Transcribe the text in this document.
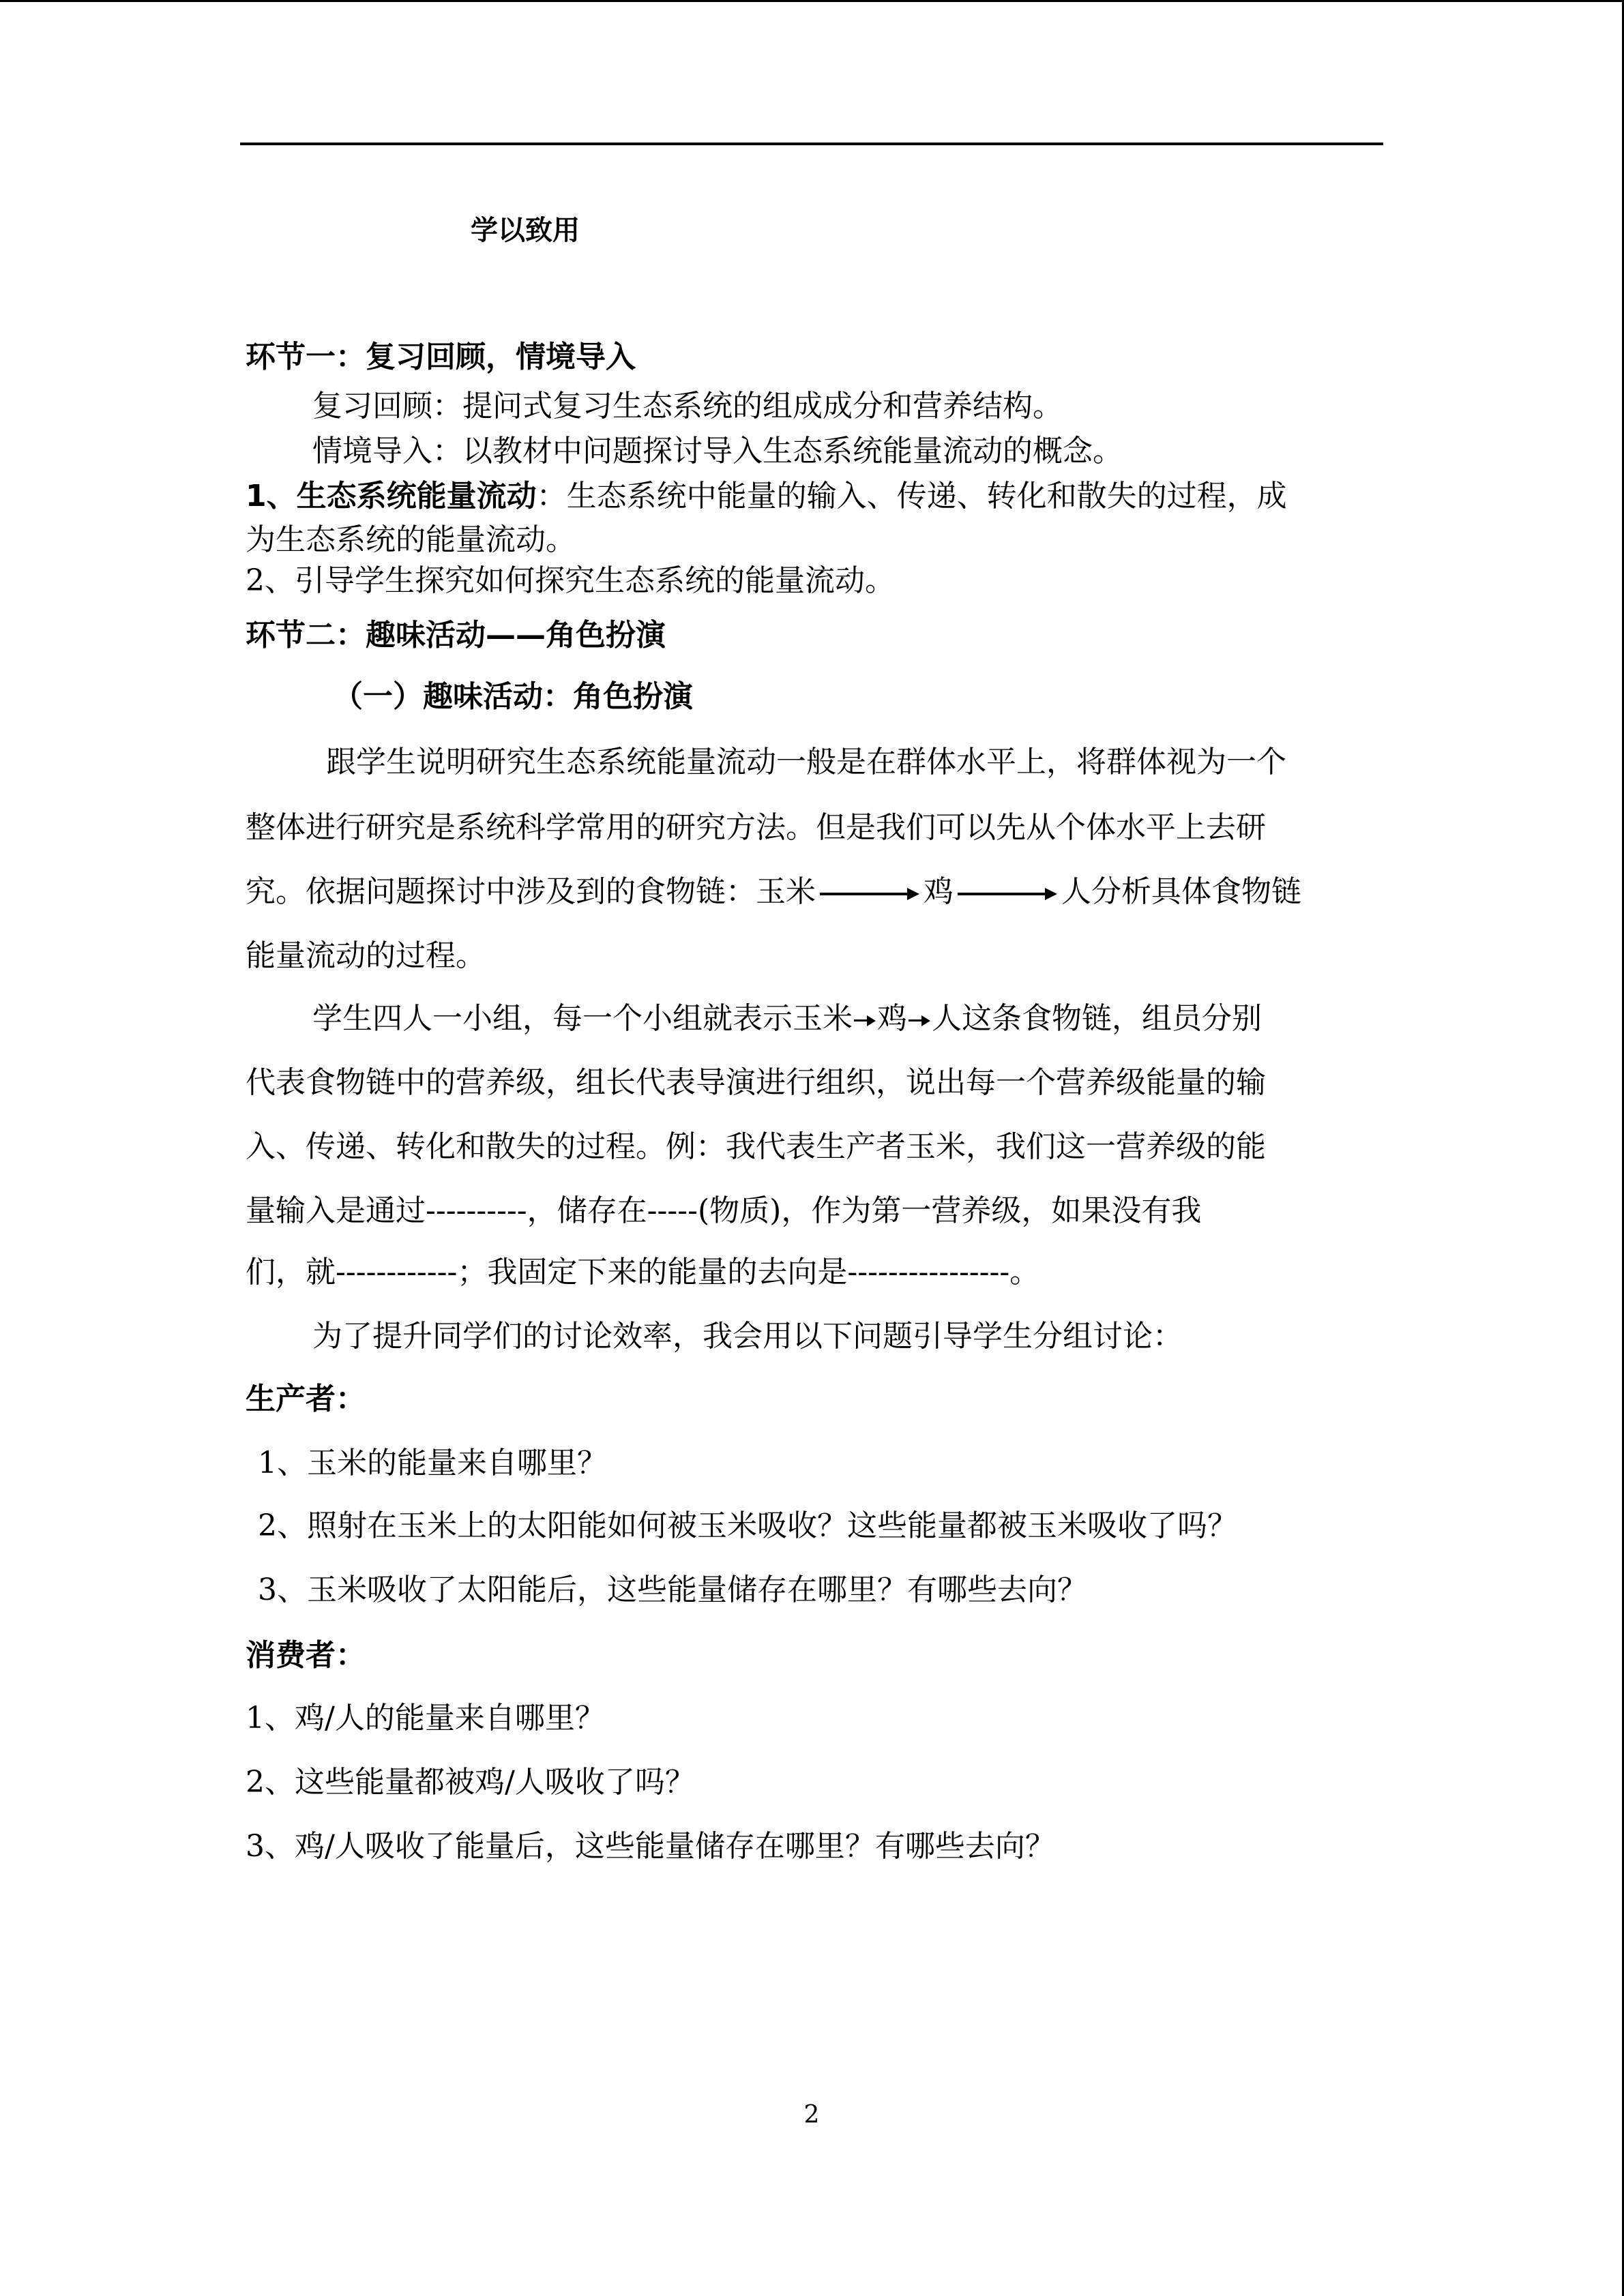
学以致用
环节一：复习回顾，情境导入
复习回顾：提问式复习生态系统的组成成分和营养结构。
情境导入：以教材中问题探讨导入生态系统能量流动的概念。
1、生态系统能量流动：生态系统中能量的输入、传递、转化和散失的过程，成
为生态系统的能量流动。
2、引导学生探究如何探究生态系统的能量流动。
环节二：趣味活动——角色扮演
（一）趣味活动：角色扮演
跟学生说明研究生态系统能量流动一般是在群体水平上，将群体视为一个
整体进行研究是系统科学常用的研究方法。但是我们可以先从个体水平上去研
究。依据问题探讨中涉及到的食物链：玉米	鸡	人分析具体食物链
能量流动的过程。
学生四人一小组，每一个小组就表示玉米 鸡 人这条食物链，组员分别
代表食物链中的营养级，组长代表导演进行组织，说出每一个营养级能量的输
入、传递、转化和散失的过程。例：我代表生产者玉米，我们这一营养级的能
量输入是通过----------，储存在-----(物质)，作为第一营养级，如果没有我
们，就------------；我固定下来的能量的去向是----------------。
为了提升同学们的讨论效率，我会用以下问题引导学生分组讨论：
生产者：
1、玉米的能量来自哪里？
2、照射在玉米上的太阳能如何被玉米吸收？这些能量都被玉米吸收了吗？
3、玉米吸收了太阳能后，这些能量储存在哪里？有哪些去向？
消费者：
1、鸡/人的能量来自哪里？
2、这些能量都被鸡/人吸收了吗？
3、鸡/人吸收了能量后，这些能量储存在哪里？有哪些去向？
2
